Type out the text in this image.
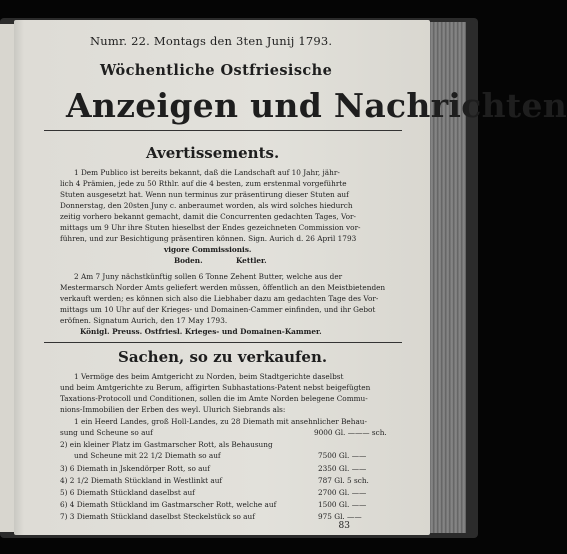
Numr. 22. Montags den 3ten Junij 1793.
Wöchentliche Ostfriesische
Anzeigen und Nachrichten
Avertissements.
1 Dem Publico ist bereits bekannt, daß die Landschaft auf 10 Jahr, jähr-
lich 4 Prämien, jede zu 50 Rthlr. auf die 4 besten, zum erstenmal vorgeführte
Stuten ausgesetzt hat. Wenn nun terminus zur präsentirung dieser Stuten auf
Donnerstag, den 20sten Juny c. anberaumet worden, als wird solches hiedurch
zeitig vorhero bekannt gemacht, damit die Concurrenten gedachten Tages, Vor-
mittags um 9 Uhr ihre Stuten hieselbst der Endes gezeichneten Commission vor-
führen, und zur Besichtigung präsentiren können. Sign. Aurich d. 26 April 1793
vigore Commissionis.
Boden.	Kettler.
2 Am 7 Juny nächstkünftig sollen 6 Tonne Zehent Butter, welche aus der
Mestermarsch Norder Amts geliefert werden müssen, öffentlich an den Meistbietenden
verkauft werden; es können sich also die Liebhaber dazu am gedachten Tage des Vor-
mittags um 10 Uhr auf der Krieges- und Domainen-Cammer einfinden, und ihr Gebot
eröfnen. Signatum Aurich, den 17 May 1793.
Königl. Preuss. Ostfriesl. Krieges- und Domainen-Kammer.
Sachen, so zu verkaufen.
1 Vermöge des beim Amtgericht zu Norden, beim Stadtgerichte daselbst
und beim Amtgerichte zu Berum, affigirten Subhastations-Patent nebst beigefügten
Taxations-Protocoll und Conditionen, sollen die im Amte Norden belegene Commu-
nions-Immobilien der Erben des weyl. Ulurich Siebrands als:
1 ein Heerd Landes, groß Holl-Landes, zu 28 Diemath mit ansehnlicher Behau-
sung und Scheune so auf	9000 Gl. ——— sch.
2) ein kleiner Platz im Gastmarscher Rott, als Behausung
und Scheune mit 22 1/2 Diemath so auf	7500 Gl. ——
3) 6 Diemath in Jskendörper Rott, so auf	2350 Gl. ——
4) 2 1/2 Diemath Stückland in Westlinkt auf	787 Gl. 5 sch.
5) 6 Diemath Stückland daselbst auf	2700 Gl. ——
6) 4 Diemath Stückland im Gastmarscher Rott, welche auf	1500 Gl. ——
7) 3 Diemath Stückland daselbst Steckelstück so auf	975 Gl. ——
83
